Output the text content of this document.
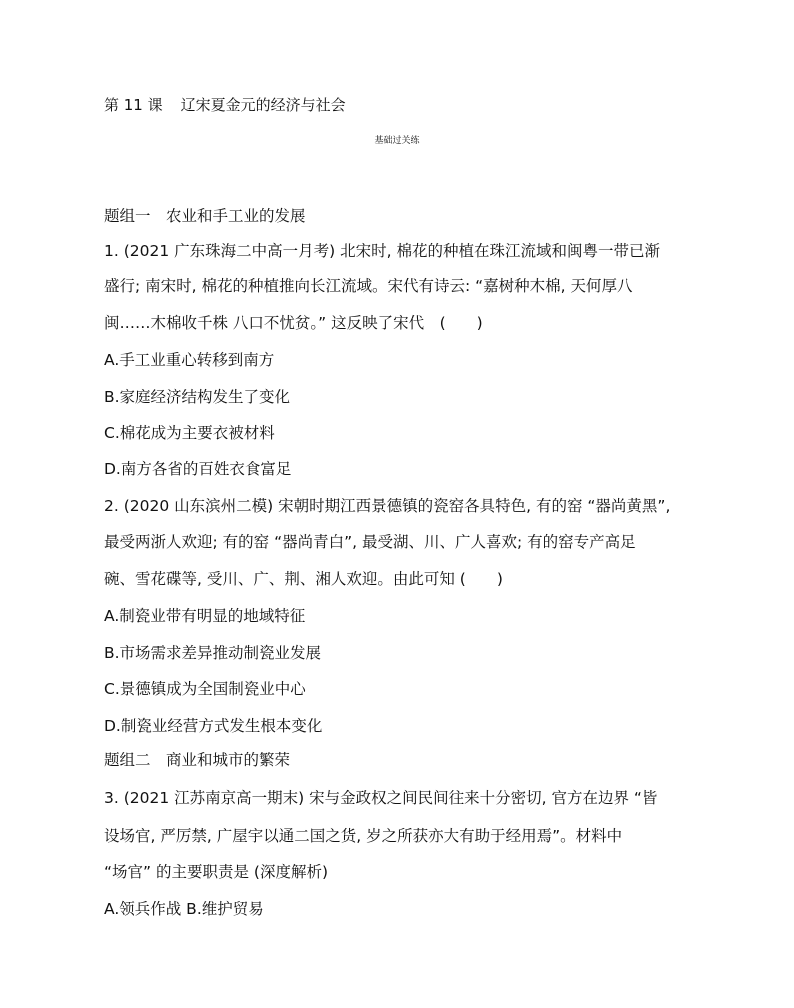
第 11 课 辽宋夏金元的经济与社会
基础过关练
题组一　农业和手工业的发展
1. (2021 广东珠海二中高一月考) 北宋时, 棉花的种植在珠江流域和闽粤一带已渐
盛行; 南宋时, 棉花的种植推向长江流域。宋代有诗云: “嘉树种木棉, 天何厚八
闽……木棉收千株 八口不忧贫。” 这反映了宋代　(　　)
A.手工业重心转移到南方
B.家庭经济结构发生了变化
C.棉花成为主要衣被材料
D.南方各省的百姓衣食富足
2. (2020 山东滨州二模) 宋朝时期江西景德镇的瓷窑各具特色, 有的窑 “器尚黄黑”,
最受两浙人欢迎; 有的窑 “器尚青白”, 最受湖、川、广人喜欢; 有的窑专产高足
碗、雪花碟等, 受川、广、荆、湘人欢迎。由此可知 (　　)
A.制瓷业带有明显的地域特征
B.市场需求差异推动制瓷业发展
C.景德镇成为全国制瓷业中心
D.制瓷业经营方式发生根本变化
题组二　商业和城市的繁荣
3. (2021 江苏南京高一期末) 宋与金政权之间民间往来十分密切, 官方在边界 “皆
设场官, 严厉禁, 广屋宇以通二国之货, 岁之所获亦大有助于经用焉”。材料中
“场官” 的主要职责是 (深度解析)
A.领兵作战 B.维护贸易
